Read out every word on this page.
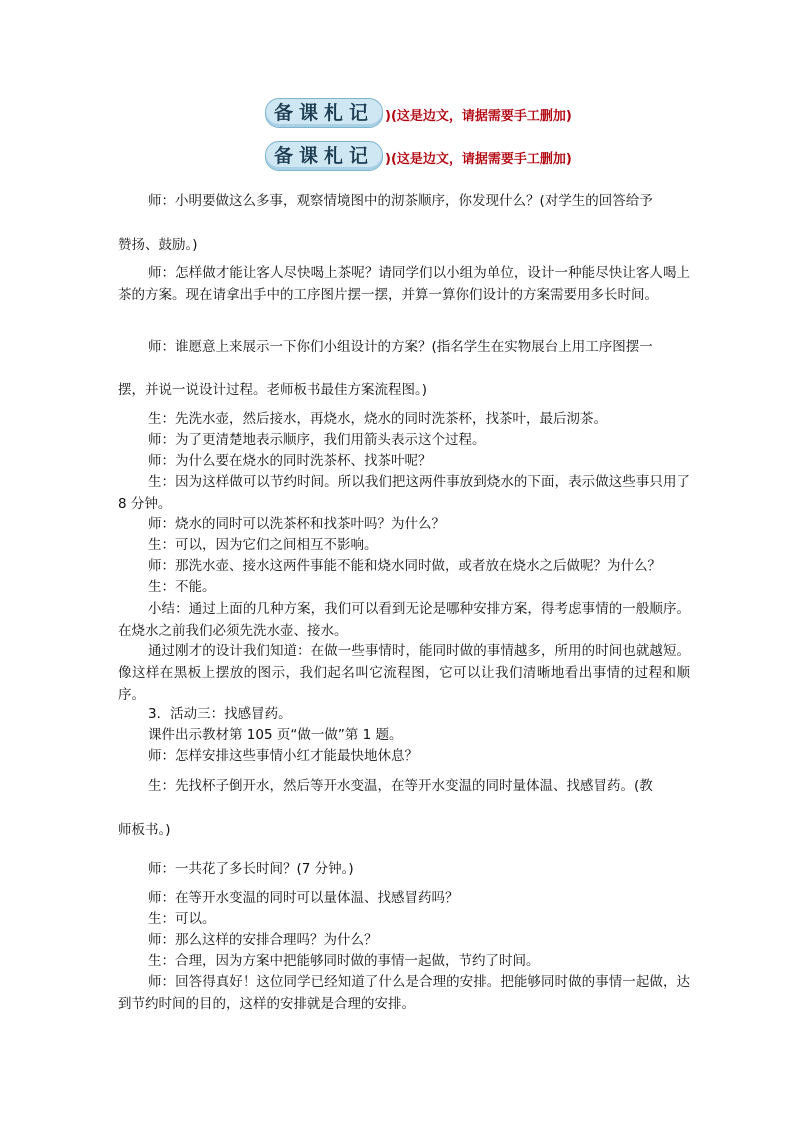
备课札记 )(这是边文，请据需要手工删加)
备课札记 )(这是边文，请据需要手工删加)

师：小明要做这么多事，观察情境图中的沏茶顺序，你发现什么？(对学生的回答给予

赞扬、鼓励。)

师：怎样做才能让客人尽快喝上茶呢？请同学们以小组为单位，设计一种能尽快让客人喝上茶的方案。现在请拿出手中的工序图片摆一摆，并算一算你们设计的方案需要用多长时间。

师：谁愿意上来展示一下你们小组设计的方案？(指名学生在实物展台上用工序图摆一

摆，并说一说设计过程。老师板书最佳方案流程图。)

生：先洗水壶，然后接水，再烧水，烧水的同时洗茶杯，找茶叶，最后沏茶。

师：为了更清楚地表示顺序，我们用箭头表示这个过程。

师：为什么要在烧水的同时洗茶杯、找茶叶呢？

生：因为这样做可以节约时间。所以我们把这两件事放到烧水的下面，表示做这些事只用了 8 分钟。

师：烧水的同时可以洗茶杯和找茶叶吗？为什么？

生：可以，因为它们之间相互不影响。

师：那洗水壶、接水这两件事能不能和烧水同时做，或者放在烧水之后做呢？为什么？

生：不能。

小结：通过上面的几种方案，我们可以看到无论是哪种安排方案，得考虑事情的一般顺序。在烧水之前我们必须先洗水壶、接水。

通过刚才的设计我们知道：在做一些事情时，能同时做的事情越多，所用的时间也就越短。像这样在黑板上摆放的图示，我们起名叫它流程图，它可以让我们清晰地看出事情的过程和顺序。

3．活动三：找感冒药。

课件出示教材第 105 页“做一做”第 1 题。

师：怎样安排这些事情小红才能最快地休息？

生：先找杯子倒开水，然后等开水变温，在等开水变温的同时量体温、找感冒药。(教

师板书。)

师：一共花了多长时间？(7 分钟。)

师：在等开水变温的同时可以量体温、找感冒药吗？

生：可以。

师：那么这样的安排合理吗？为什么？

生：合理，因为方案中把能够同时做的事情一起做，节约了时间。

师：回答得真好！这位同学已经知道了什么是合理的安排。把能够同时做的事情一起做，达到节约时间的目的，这样的安排就是合理的安排。
